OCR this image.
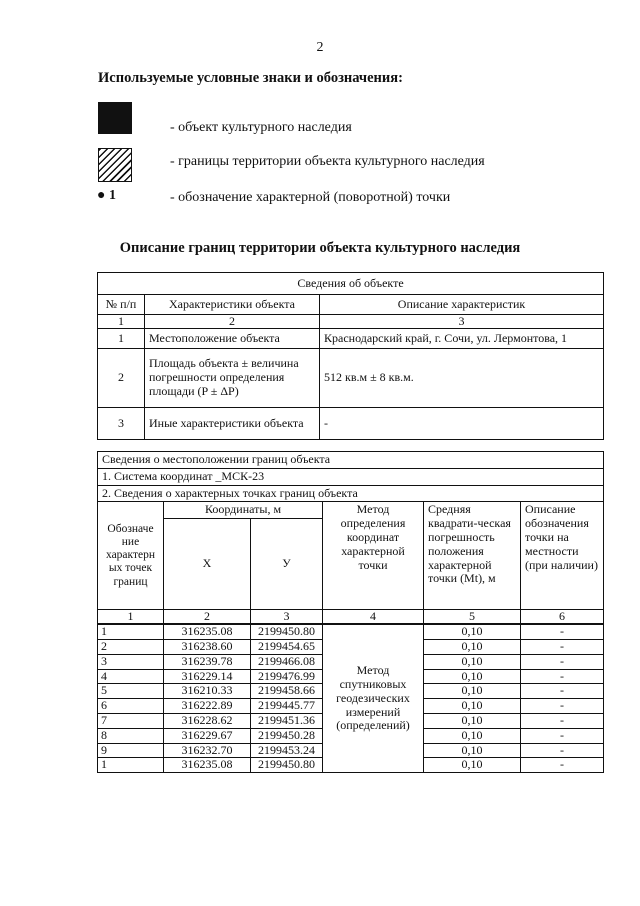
2
Используемые условные знаки и обозначения:
- объект культурного наследия
- границы территории объекта культурного наследия
● 1	- обозначение характерной (поворотной) точки
Описание границ территории объекта культурного наследия
Сведения об объекте		
№ п/п	Характеристики объекта	Описание характеристик
1	2	3
1	Местоположение объекта	Краснодарский край, г. Сочи, ул. Лермонтова, 1
2	Площадь объекта ± величина погрешности определения площади (P ± ΔP)	512 кв.м ± 8 кв.м.
3	Иные характеристики объекта	-
Сведения о местоположении границ объекта					
1. Система координат _МСК-23					
2. Сведения о характерных точках границ объекта					
Обозначе ние характерн ых точек границ	Координаты, м		Метод определения координат характерной точки	Средняя квадрати-ческая погрешность положения характерной точки (Mt), м	Описание обозначения точки на местности (при наличии)
	X	У			
1	2	3	4	5	6
1	316235.08	2199450.80	Метод спутниковых геодезических измерений (определений)	0,10	-
2	316238.60	2199454.65		0,10	-
3	316239.78	2199466.08		0,10	-
4	316229.14	2199476.99		0,10	-
5	316210.33	2199458.66		0,10	-
6	316222.89	2199445.77		0,10	-
7	316228.62	2199451.36		0,10	-
8	316229.67	2199450.28		0,10	-
9	316232.70	2199453.24		0,10	-
1	316235.08	2199450.80		0,10	-
